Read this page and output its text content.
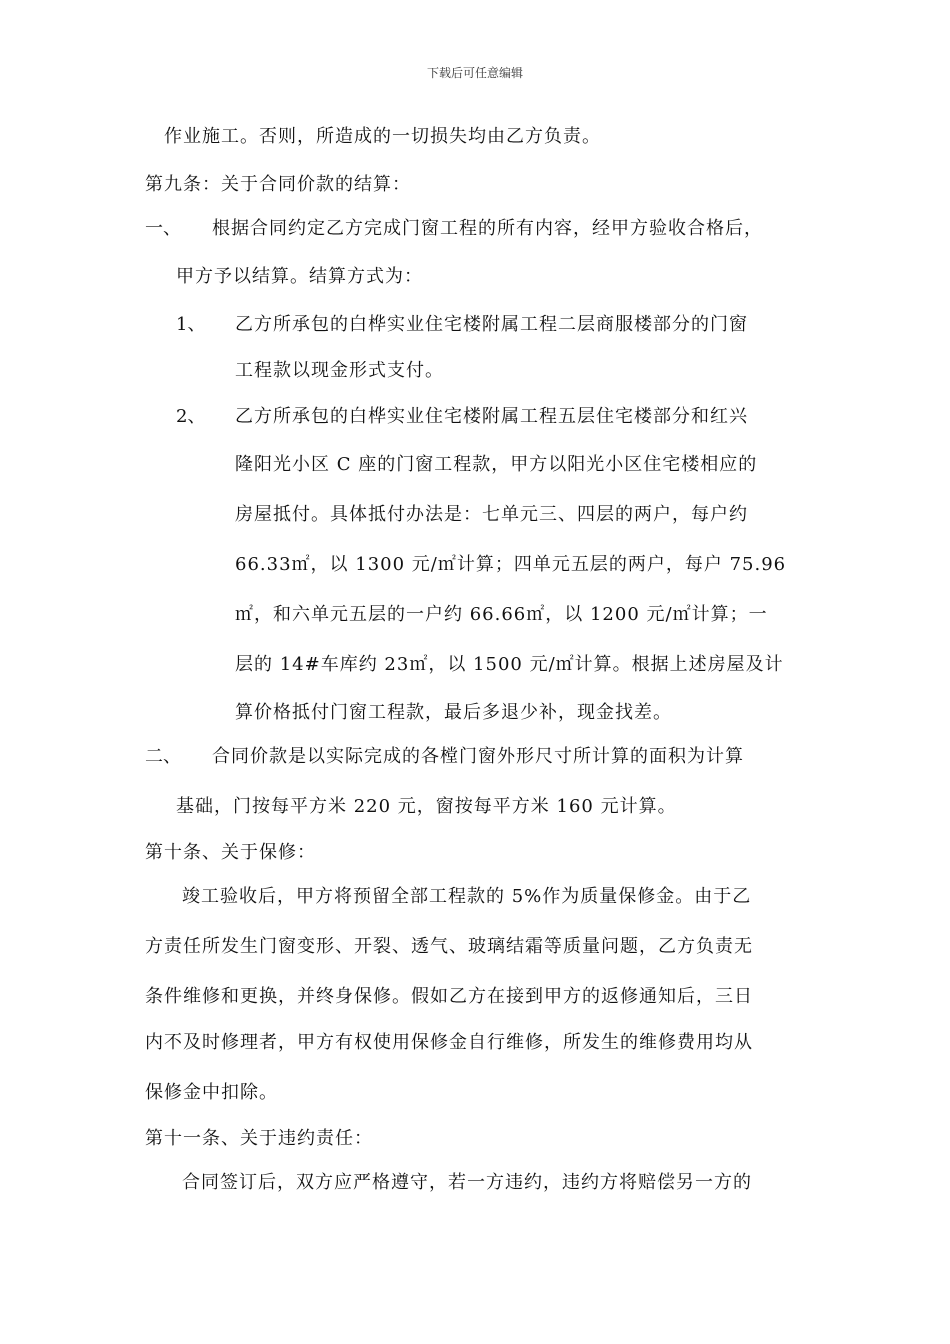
下载后可任意编辑
作业施工。否则，所造成的一切损失均由乙方负责。
第九条：关于合同价款的结算：
一、 根据合同约定乙方完成门窗工程的所有内容，经甲方验收合格后，
甲方予以结算。结算方式为：
1、 乙方所承包的白桦实业住宅楼附属工程二层商服楼部分的门窗
工程款以现金形式支付。
2、 乙方所承包的白桦实业住宅楼附属工程五层住宅楼部分和红兴
隆阳光小区 C 座的门窗工程款，甲方以阳光小区住宅楼相应的
房屋抵付。具体抵付办法是：七单元三、四层的两户，每户约
66.33㎡，以 1300 元/㎡计算；四单元五层的两户，每户 75.96
㎡，和六单元五层的一户约 66.66㎡，以 1200 元/㎡计算；一
层的 14#车库约 23㎡，以 1500 元/㎡计算。根据上述房屋及计
算价格抵付门窗工程款，最后多退少补，现金找差。
二、 合同价款是以实际完成的各樘门窗外形尺寸所计算的面积为计算
基础，门按每平方米 220 元，窗按每平方米 160 元计算。
第十条、关于保修：
竣工验收后，甲方将预留全部工程款的 5%作为质量保修金。由于乙
方责任所发生门窗变形、开裂、透气、玻璃结霜等质量问题，乙方负责无
条件维修和更换，并终身保修。假如乙方在接到甲方的返修通知后，三日
内不及时修理者，甲方有权使用保修金自行维修，所发生的维修费用均从
保修金中扣除。
第十一条、关于违约责任：
合同签订后，双方应严格遵守，若一方违约，违约方将赔偿另一方的
